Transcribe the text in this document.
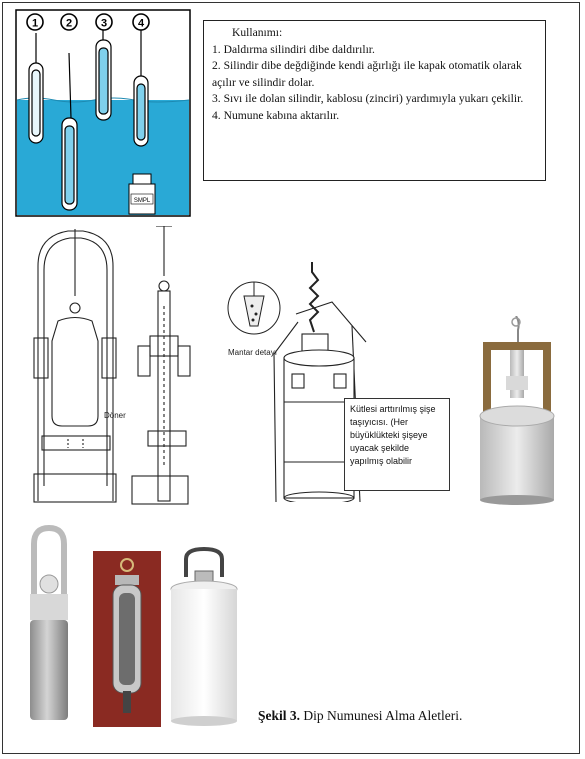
1	2	3	4
SMPL
Kullanımı:

1. Daldırma silindiri dibe daldırılır.

2. Silindir dibe değdiğinde kendi ağırlığı ile kapak otomatik olarak açılır ve silindir dolar.

3. Sıvı ile dolan silindir, kablosu (zinciri) yardımıyla yukarı çekilir.

4. Numune kabına aktarılır.

Döner
Mantar detayı
Kütlesi arttırılmış şişe taşıyıcısı. (Her büyüklükteki şişeye uyacak şekilde yapılmış olabilir
Şekil 3. Dip Numunesi Alma Aletleri.
